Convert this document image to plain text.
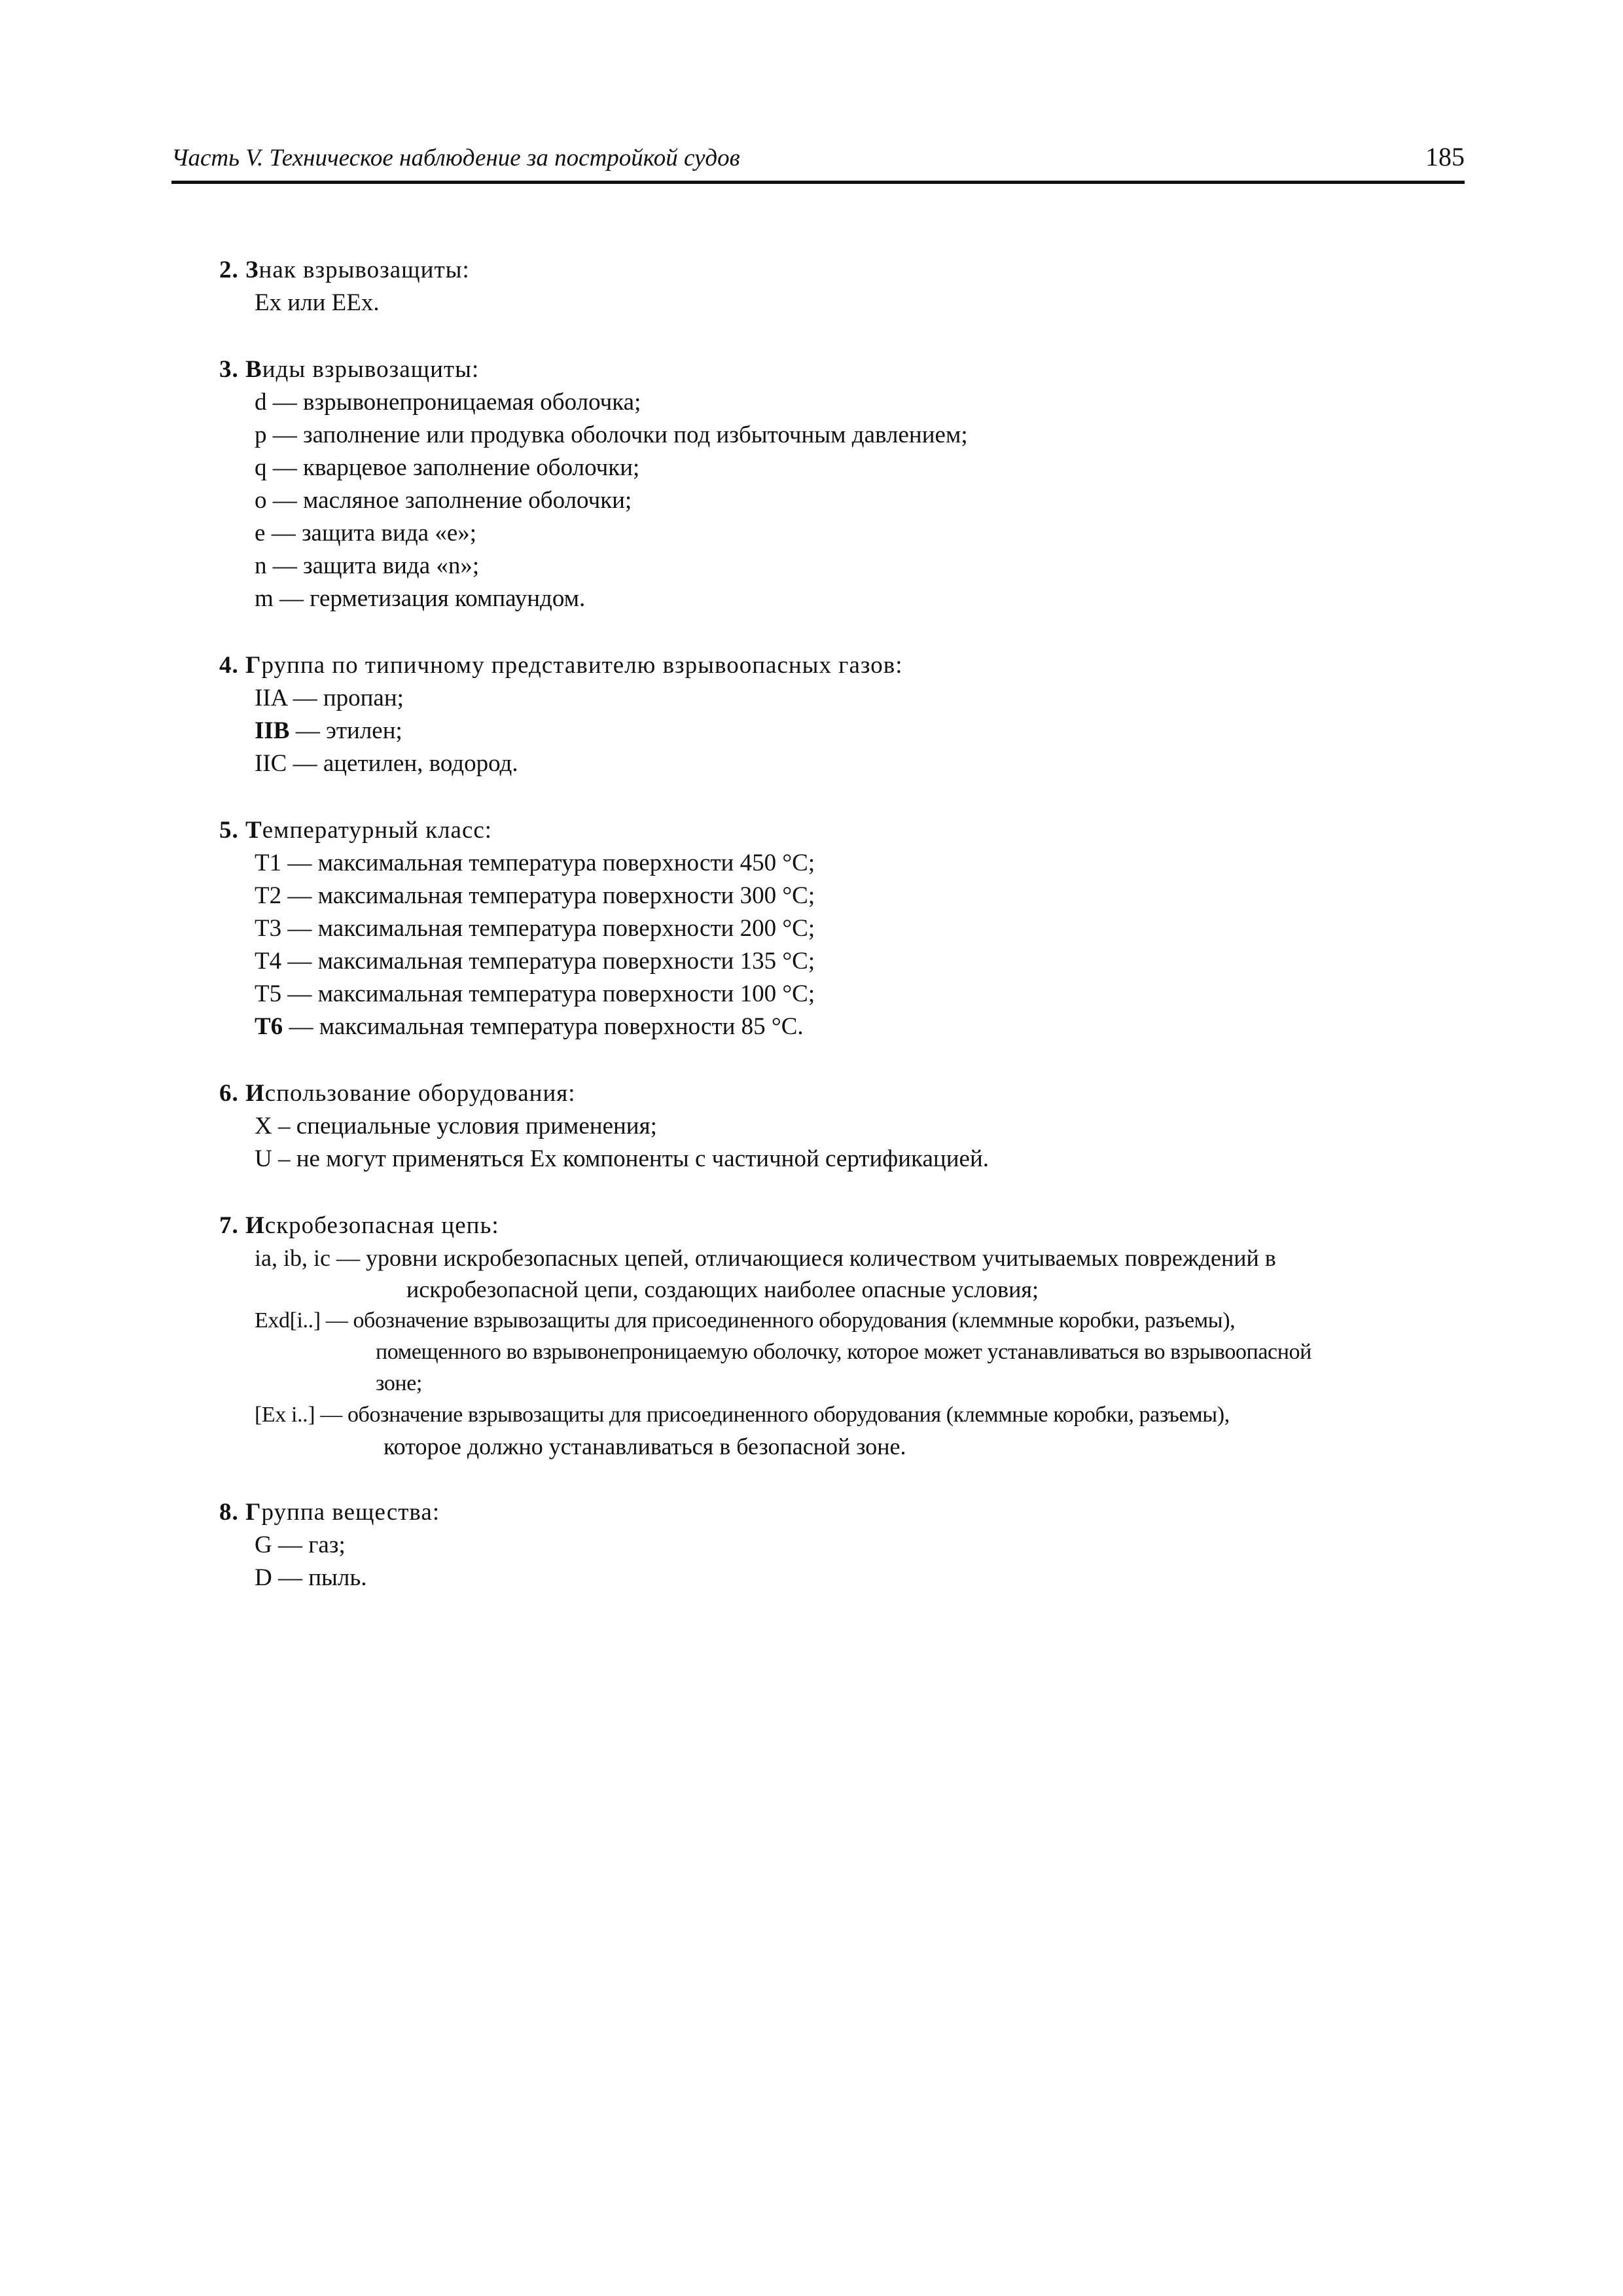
Часть V. Техническое наблюдение за постройкой судов	185
2. Знак взрывозащиты:
Ex или EEx.
3. Виды взрывозащиты:
d — взрывонепроницаемая оболочка;
p — заполнение или продувка оболочки под избыточным давлением;
q — кварцевое заполнение оболочки;
o — масляное заполнение оболочки;
e — защита вида «e»;
n — защита вида «n»;
m — герметизация компаундом.
4. Группа по типичному представителю взрывоопасных газов:
IIA — пропан;
IIB — этилен;
IIC — ацетилен, водород.
5. Температурный класс:
T1 — максимальная температура поверхности 450 °C;
T2 — максимальная температура поверхности 300 °C;
T3 — максимальная температура поверхности 200 °C;
T4 — максимальная температура поверхности 135 °C;
T5 — максимальная температура поверхности 100 °C;
T6 — максимальная температура поверхности 85 °C.
6. Использование оборудования:
X – специальные условия применения;
U – не могут применяться Ex компоненты с частичной сертификацией.
7. Искробезопасная цепь:
ia, ib, ic — уровни искробезопасных цепей, отличающиеся количеством учитываемых повреждений в
искробезопасной цепи, создающих наиболее опасные условия;
Exd[i..] — обозначение взрывозащиты для присоединенного оборудования (клеммные коробки, разъемы),
помещенного во взрывонепроницаемую оболочку, которое может устанавливаться во взрывоопасной
зоне;
[Ex i..] — обозначение взрывозащиты для присоединенного оборудования (клеммные коробки, разъемы),
которое должно устанавливаться в безопасной зоне.
8. Группа вещества:
G — газ;
D — пыль.
